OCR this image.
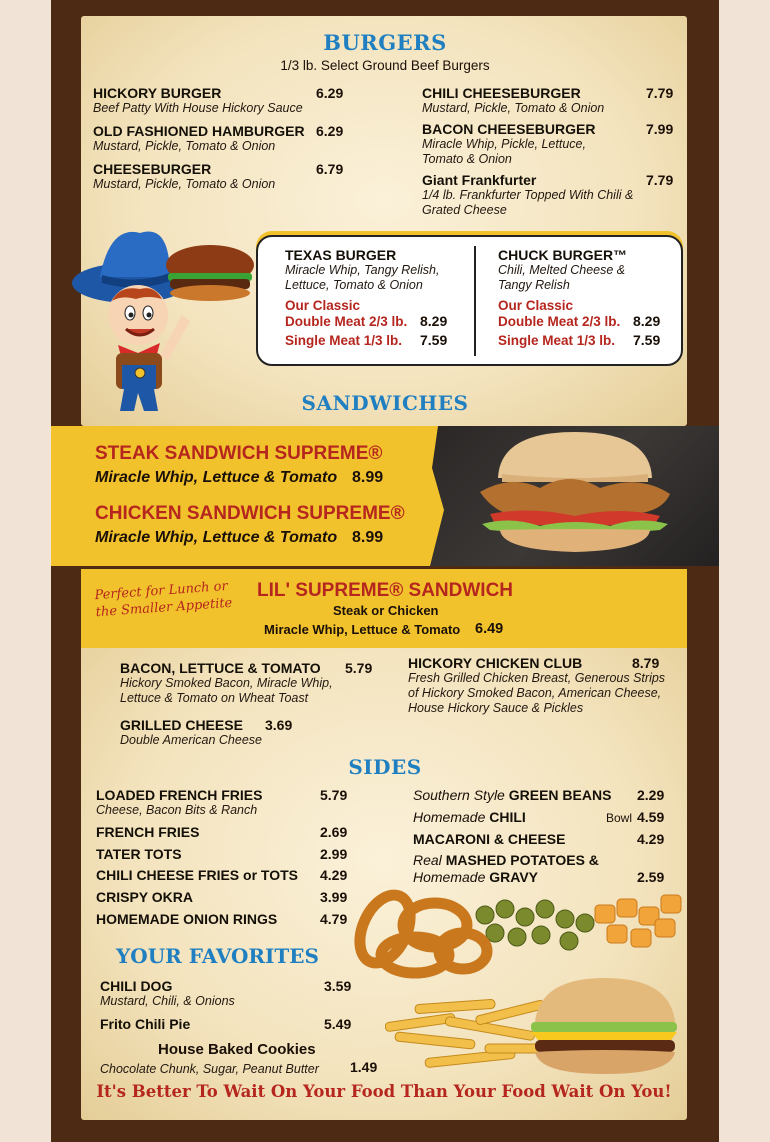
BURGERS
1/3 lb. Select Ground Beef Burgers
HICKORY BURGER	6.29
Beef Patty With House Hickory Sauce
OLD FASHIONED HAMBURGER 6.29
Mustard, Pickle, Tomato & Onion
CHEESEBURGER	6.79
Mustard, Pickle, Tomato & Onion
CHILI CHEESEBURGER	7.79
Mustard, Pickle, Tomato & Onion
BACON CHEESEBURGER	7.99
Miracle Whip, Pickle, Lettuce, Tomato & Onion
Giant Frankfurter	7.79
1/4 lb. Frankfurter Topped With Chili & Grated Cheese
TEXAS BURGER
Miracle Whip, Tangy Relish, Lettuce, Tomato & Onion
Our Classic
Double Meat 2/3 lb. 8.29
Single Meat 1/3 lb. 7.59
CHUCK BURGER™
Chili, Melted Cheese & Tangy Relish
Our Classic
Double Meat 2/3 lb. 8.29
Single Meat 1/3 lb. 7.59
SANDWICHES
STEAK SANDWICH SUPREME®
Miracle Whip, Lettuce & Tomato 8.99
CHICKEN SANDWICH SUPREME®
Miracle Whip, Lettuce & Tomato 8.99
Perfect for Lunch or the Smaller Appetite
LIL' SUPREME® SANDWICH
Steak or Chicken
Miracle Whip, Lettuce & Tomato 6.49
BACON, LETTUCE & TOMATO	5.79
Hickory Smoked Bacon, Miracle Whip, Lettuce & Tomato on Wheat Toast
GRILLED CHEESE	3.69
Double American Cheese
HICKORY CHICKEN CLUB	8.79
Fresh Grilled Chicken Breast, Generous Strips of Hickory Smoked Bacon, American Cheese, House Hickory Sauce & Pickles
SIDES
LOADED FRENCH FRIES	5.79
Cheese, Bacon Bits & Ranch
FRENCH FRIES	2.69
TATER TOTS	2.99
CHILI CHEESE FRIES or TOTS	4.29
CRISPY OKRA	3.99
HOMEMADE ONION RINGS	4.79
Southern Style GREEN BEANS 2.29
Homemade CHILI	Bowl 4.59
MACARONI & CHEESE	4.29
Real MASHED POTATOES &
Homemade GRAVY	2.59
YOUR FAVORITES
CHILI DOG	3.59
Mustard, Chili, & Onions
Frito Chili Pie	5.49
House Baked Cookies
Chocolate Chunk, Sugar, Peanut Butter 1.49
It's Better To Wait On Your Food Than Your Food Wait On You!
